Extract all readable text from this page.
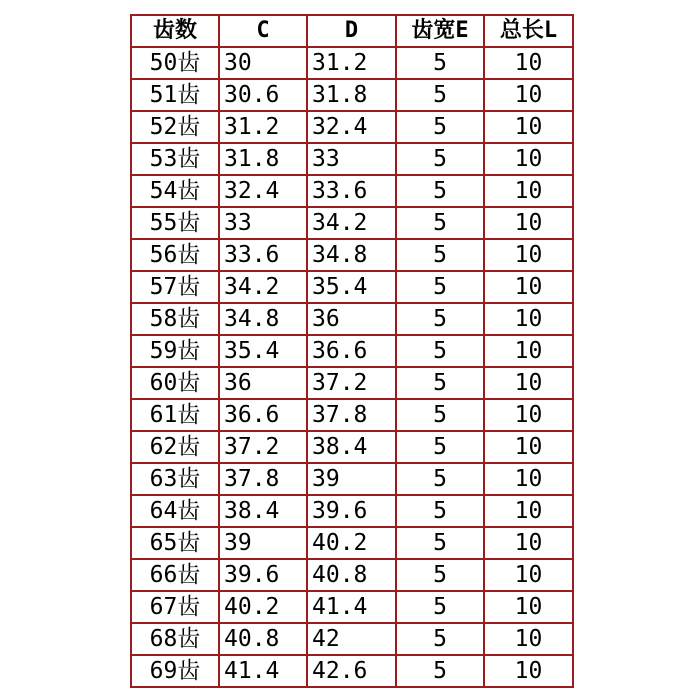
齿数	C	D	齿宽E	总长L
50齿	30	31.2	5	10
51齿	30.6	31.8	5	10
52齿	31.2	32.4	5	10
53齿	31.8	33	5	10
54齿	32.4	33.6	5	10
55齿	33	34.2	5	10
56齿	33.6	34.8	5	10
57齿	34.2	35.4	5	10
58齿	34.8	36	5	10
59齿	35.4	36.6	5	10
60齿	36	37.2	5	10
61齿	36.6	37.8	5	10
62齿	37.2	38.4	5	10
63齿	37.8	39	5	10
64齿	38.4	39.6	5	10
65齿	39	40.2	5	10
66齿	39.6	40.8	5	10
67齿	40.2	41.4	5	10
68齿	40.8	42	5	10
69齿	41.4	42.6	5	10
